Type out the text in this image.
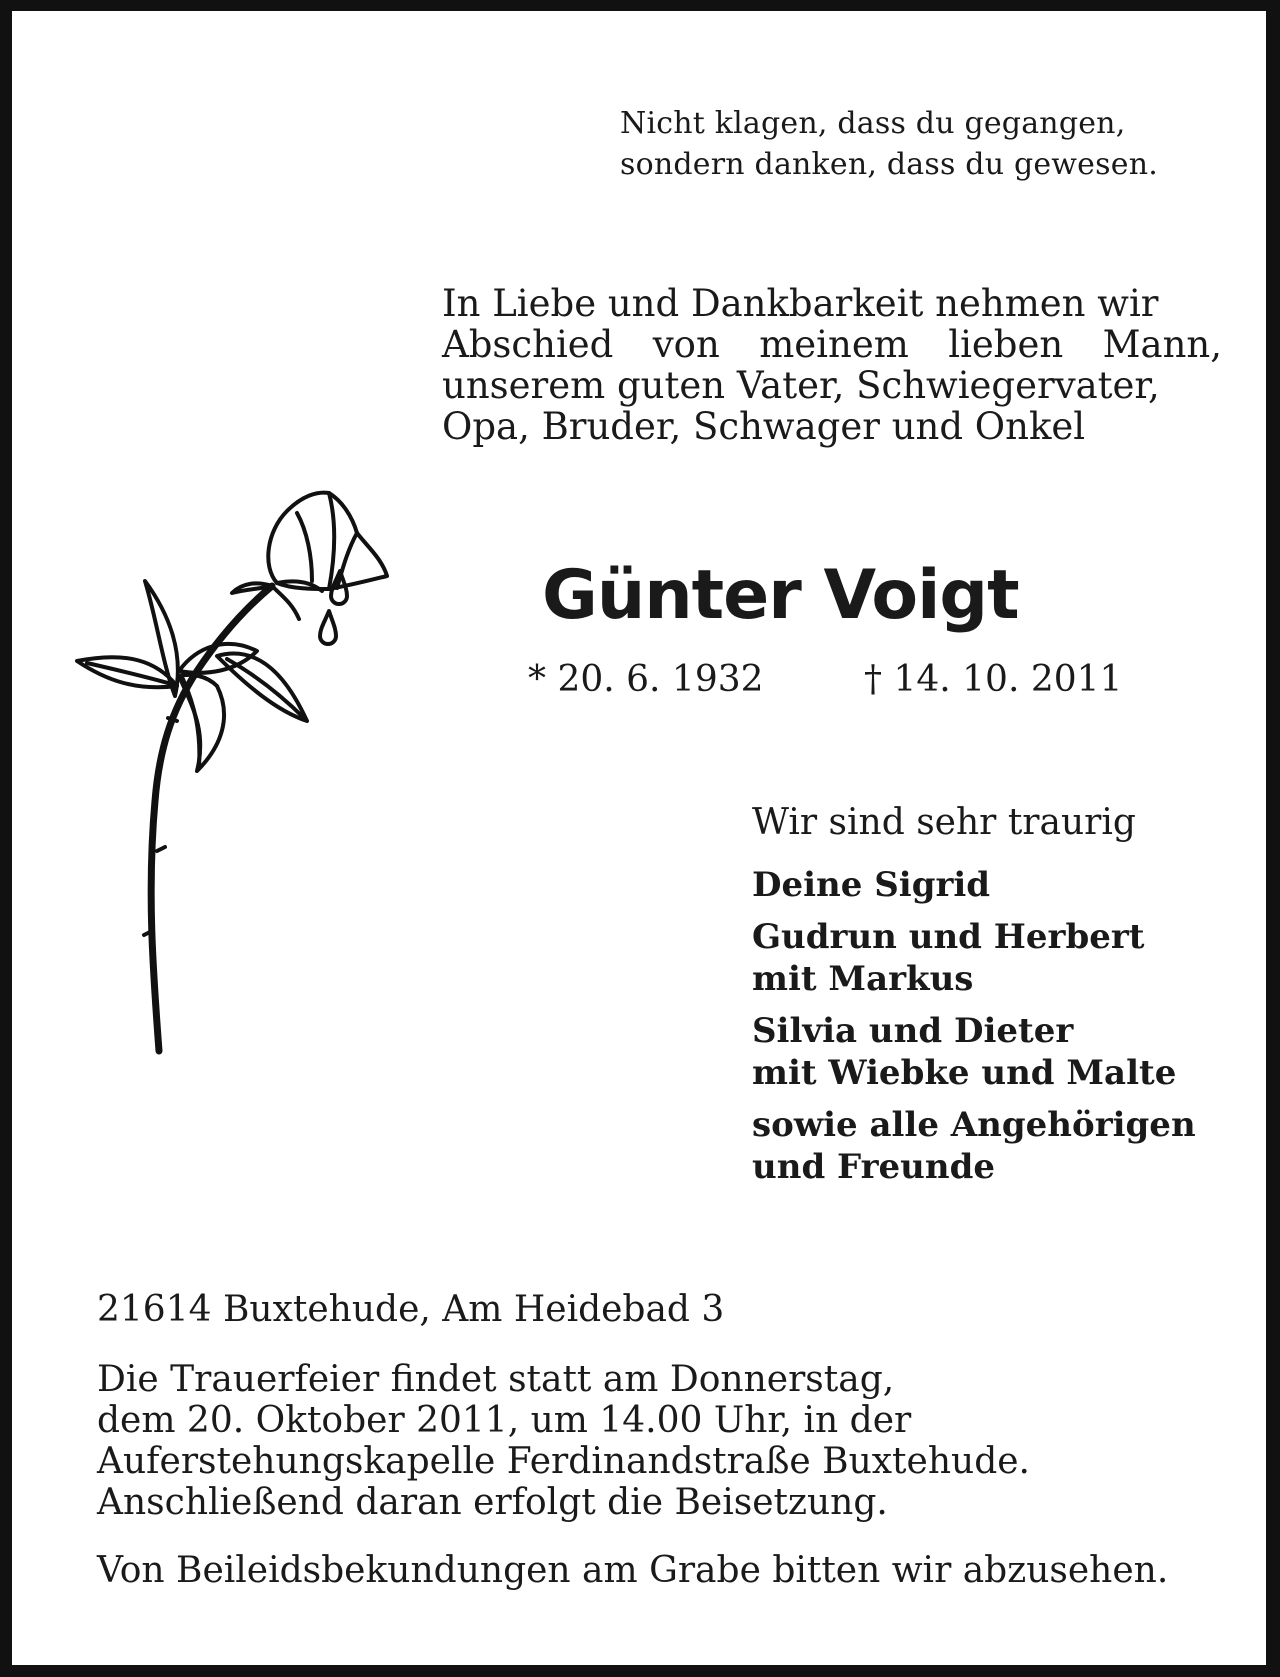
Nicht klagen, dass du gegangen,
sondern danken, dass du gewesen.
In Liebe und Dankbarkeit nehmen wir
Abschied von meinem lieben Mann,
unserem guten Vater, Schwiegervater,
Opa, Bruder, Schwager und Onkel
Günter Voigt
* 20. 6. 1932	† 14. 10. 2011
Wir sind sehr traurig
Deine Sigrid
Gudrun und Herbert
mit Markus
Silvia und Dieter
mit Wiebke und Malte
sowie alle Angehörigen
und Freunde
21614 Buxtehude, Am Heidebad 3
Die Trauerfeier findet statt am Donnerstag,
dem 20. Oktober 2011, um 14.00 Uhr, in der
Auferstehungskapelle Ferdinandstraße Buxtehude.
Anschließend daran erfolgt die Beisetzung.
Von Beileidsbekundungen am Grabe bitten wir abzusehen.
